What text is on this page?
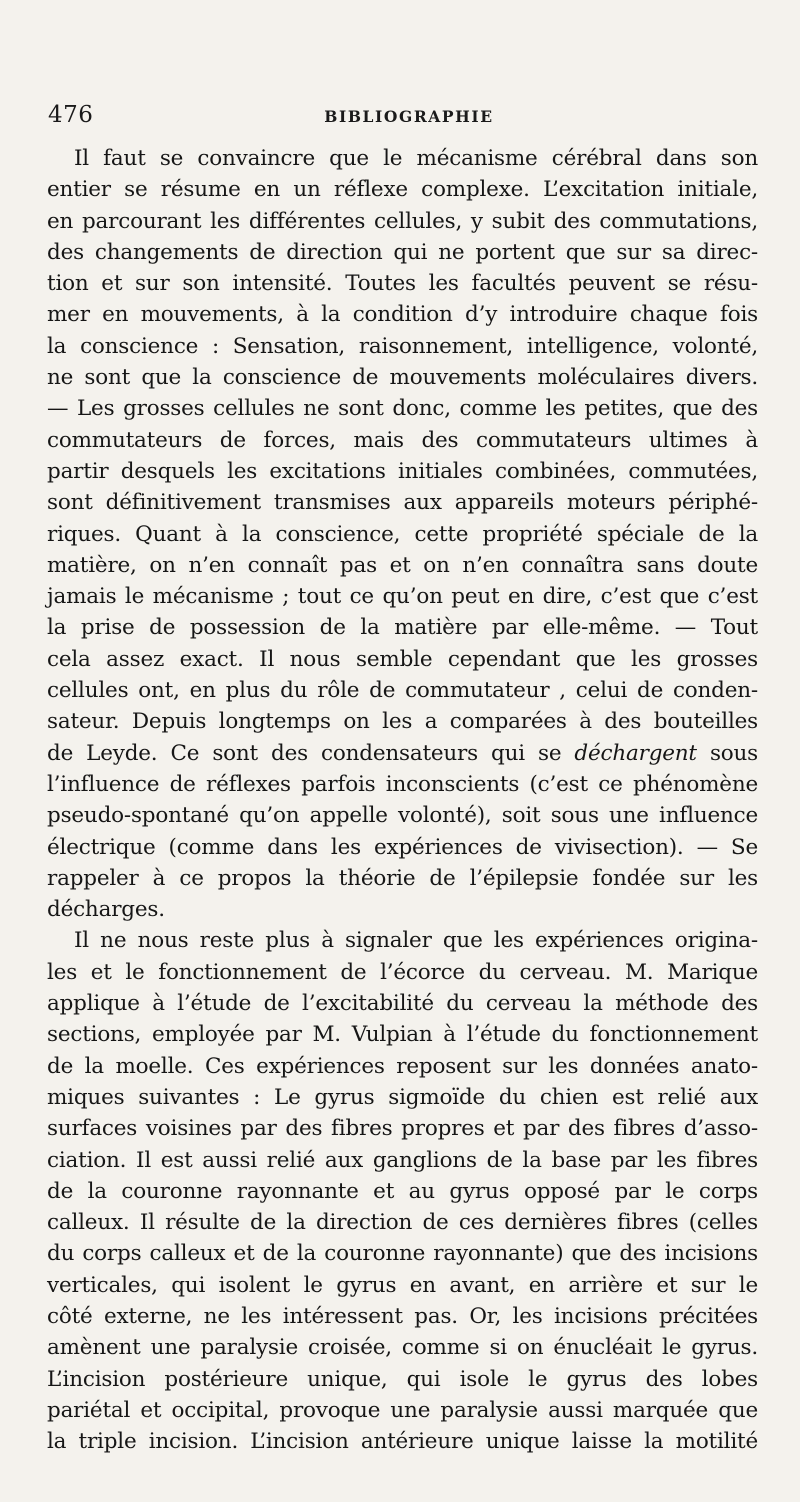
476	BIBLIOGRAPHIE
Il faut se convaincre que le mécanisme cérébral dans son
entier se résume en un réflexe complexe. L’excitation initiale,
en parcourant les différentes cellules, y subit des commutations,
des changements de direction qui ne portent que sur sa direc-
tion et sur son intensité. Toutes les facultés peuvent se résu-
mer en mouvements, à la condition d’y introduire chaque fois
la conscience : Sensation, raisonnement, intelligence, volonté,
ne sont que la conscience de mouvements moléculaires divers.
— Les grosses cellules ne sont donc, comme les petites, que des
commutateurs de forces, mais des commutateurs ultimes à
partir desquels les excitations initiales combinées, commutées,
sont définitivement transmises aux appareils moteurs périphé-
riques. Quant à la conscience, cette propriété spéciale de la
matière, on n’en connaît pas et on n’en connaîtra sans doute
jamais le mécanisme ; tout ce qu’on peut en dire, c’est que c’est
la prise de possession de la matière par elle-même. — Tout
cela assez exact. Il nous semble cependant que les grosses
cellules ont, en plus du rôle de commutateur , celui de conden-
sateur. Depuis longtemps on les a comparées à des bouteilles
de Leyde. Ce sont des condensateurs qui se déchargent sous
l’influence de réflexes parfois inconscients (c’est ce phénomène
pseudo-spontané qu’on appelle volonté), soit sous une influence
électrique (comme dans les expériences de vivisection). — Se
rappeler à ce propos la théorie de l’épilepsie fondée sur les
décharges.
Il ne nous reste plus à signaler que les expériences origina-
les et le fonctionnement de l’écorce du cerveau. M. Marique
applique à l’étude de l’excitabilité du cerveau la méthode des
sections, employée par M. Vulpian à l’étude du fonctionnement
de la moelle. Ces expériences reposent sur les données anato-
miques suivantes : Le gyrus sigmoïde du chien est relié aux
surfaces voisines par des fibres propres et par des fibres d’asso-
ciation. Il est aussi relié aux ganglions de la base par les fibres
de la couronne rayonnante et au gyrus opposé par le corps
calleux. Il résulte de la direction de ces dernières fibres (celles
du corps calleux et de la couronne rayonnante) que des incisions
verticales, qui isolent le gyrus en avant, en arrière et sur le
côté externe, ne les intéressent pas. Or, les incisions précitées
amènent une paralysie croisée, comme si on énucléait le gyrus.
L’incision postérieure unique, qui isole le gyrus des lobes
pariétal et occipital, provoque une paralysie aussi marquée que
la triple incision. L’incision antérieure unique laisse la motilité
